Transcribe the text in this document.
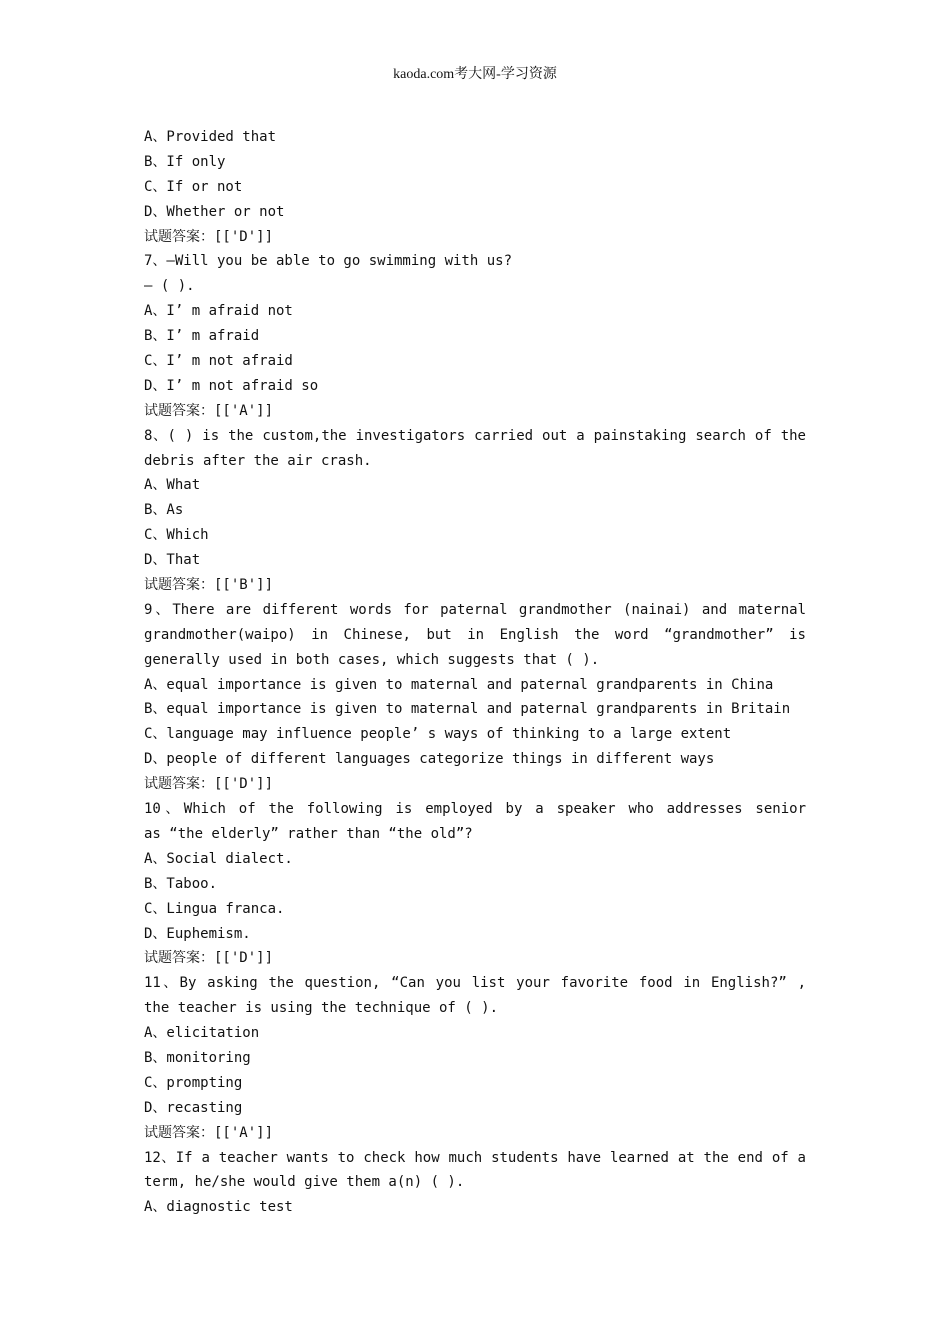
kaoda.com考大网-学习资源
A、Provided that
B、If only
C、If or not
D、Whether or not
试题答案：[['D']]
7、—Will you be able to go swimming with us?
— ( ).
A、I’ m afraid not
B、I’ m afraid
C、I’ m not afraid
D、I’ m not afraid so
试题答案：[['A']]
8、( ) is the custom,the investigators carried out a painstaking search of the
debris after the air crash.
A、What
B、As
C、Which
D、That
试题答案：[['B']]
9、There are different words for paternal grandmother (nainai) and maternal
grandmother(waipo) in Chinese, but in English the word “grandmother” is
generally used in both cases, which suggests that ( ).
A、equal importance is given to maternal and paternal grandparents in China
B、equal importance is given to maternal and paternal grandparents in Britain
C、language may influence people’ s ways of thinking to a large extent
D、people of different languages categorize things in different ways
试题答案：[['D']]
10、Which of the following is employed by a speaker who addresses senior
as “the elderly” rather than “the old”?
A、Social dialect.
B、Taboo.
C、Lingua franca.
D、Euphemism.
试题答案：[['D']]
11、By asking the question, “Can you list your favorite food in English?” ,
the teacher is using the technique of ( ).
A、elicitation
B、monitoring
C、prompting
D、recasting
试题答案：[['A']]
12、If a teacher wants to check how much students have learned at the end of a
term, he/she would give them a(n) ( ).
A、diagnostic test
